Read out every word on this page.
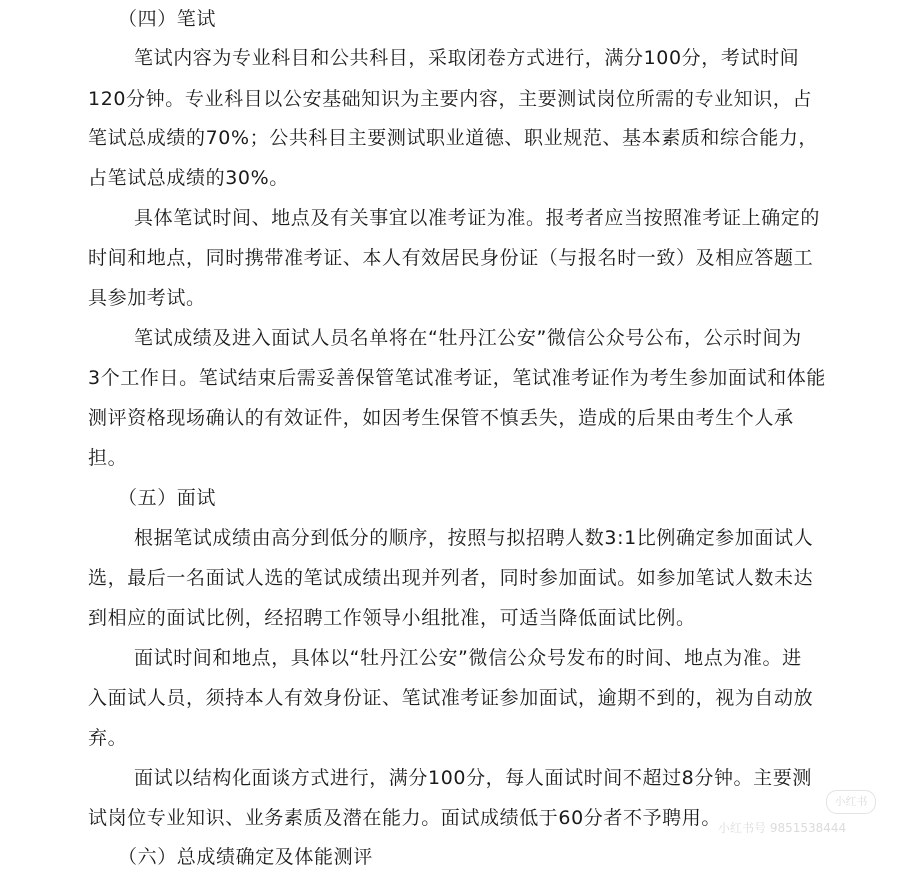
（四）笔试
笔试内容为专业科目和公共科目，采取闭卷方式进行，满分100分，考试时间
120分钟。专业科目以公安基础知识为主要内容，主要测试岗位所需的专业知识，占
笔试总成绩的70%；公共科目主要测试职业道德、职业规范、基本素质和综合能力，
占笔试总成绩的30%。
具体笔试时间、地点及有关事宜以准考证为准。报考者应当按照准考证上确定的
时间和地点，同时携带准考证、本人有效居民身份证（与报名时一致）及相应答题工
具参加考试。
笔试成绩及进入面试人员名单将在“牡丹江公安”微信公众号公布，公示时间为
3个工作日。笔试结束后需妥善保管笔试准考证，笔试准考证作为考生参加面试和体能
测评资格现场确认的有效证件，如因考生保管不慎丢失，造成的后果由考生个人承
担。
（五）面试
根据笔试成绩由高分到低分的顺序，按照与拟招聘人数3:1比例确定参加面试人
选，最后一名面试人选的笔试成绩出现并列者，同时参加面试。如参加笔试人数未达
到相应的面试比例，经招聘工作领导小组批准，可适当降低面试比例。
面试时间和地点，具体以“牡丹江公安”微信公众号发布的时间、地点为准。进
入面试人员，须持本人有效身份证、笔试准考证参加面试，逾期不到的，视为自动放
弃。
面试以结构化面谈方式进行，满分100分，每人面试时间不超过8分钟。主要测
试岗位专业知识、业务素质及潜在能力。面试成绩低于60分者不予聘用。
（六）总成绩确定及体能测评
小红书
小红书号 9851538444
